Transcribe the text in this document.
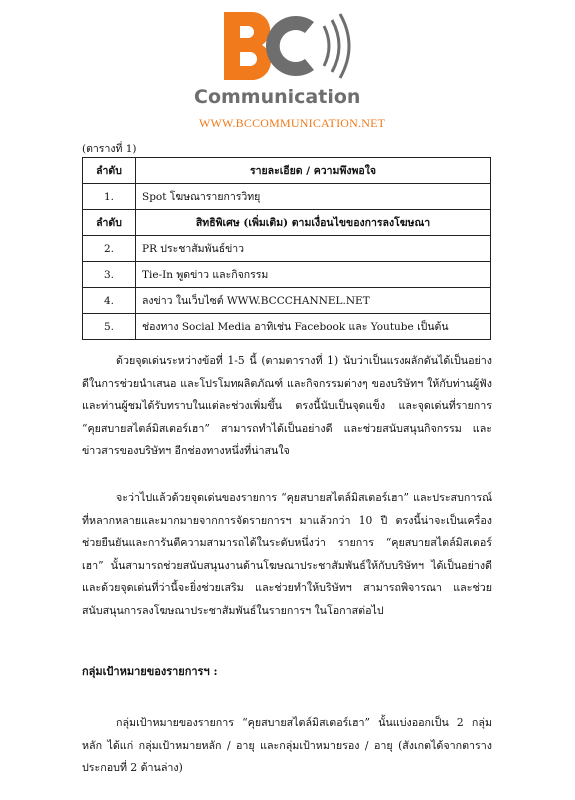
Communication
WWW.BCCOMMUNICATION.NET
(ตารางที่ 1)
ลำดับ	รายละเอียด / ความพึงพอใจ
1.	Spot โฆษณารายการวิทยุ
ลำดับ	สิทธิพิเศษ (เพิ่มเติม) ตามเงื่อนไขของการลงโฆษณา
2.	PR ประชาสัมพันธ์ข่าว
3.	Tie-In พูดข่าว และกิจกรรม
4.	ลงข่าว ในเว็บไซต์ WWW.BCCCHANNEL.NET
5.	ช่องทาง Social Media อาทิเช่น Facebook และ Youtube เป็นต้น
ด้วยจุดเด่นระหว่างข้อที่ 1-5 นี้ (ตามตารางที่ 1) นับว่าเป็นแรงผลักดันได้เป็นอย่างดีในการช่วยนำเสนอ และโปรโมทผลิตภัณฑ์ และกิจกรรมต่างๆ ของบริษัทฯ ให้กับท่านผู้ฟัง และท่านผู้ชมได้รับทราบในแต่ละช่วงเพิ่มขึ้น ตรงนี้นับเป็นจุดแข็ง และจุดเด่นที่รายการ “คุยสบายสไตล์มิสเตอร์เฮา” สามารถทำได้เป็นอย่างดี และช่วยสนับสนุนกิจกรรม และข่าวสารของบริษัทฯ อีกช่องทางหนึ่งที่น่าสนใจ
จะว่าไปแล้วด้วยจุดเด่นของรายการ “คุยสบายสไตล์มิสเตอร์เฮา” และประสบการณ์ที่หลากหลายและมากมายจากการจัดรายการฯ มาแล้วกว่า 10 ปี ตรงนี้น่าจะเป็นเครื่องช่วยยืนยันและการันตีความสามารถได้ในระดับหนึ่งว่า รายการ “คุยสบายสไตล์มิสเตอร์เฮา” นั้นสามารถช่วยสนับสนุนงานด้านโฆษณาประชาสัมพันธ์ให้กับบริษัทฯ ได้เป็นอย่างดี และด้วยจุดเด่นที่ว่านี้จะยิ่งช่วยเสริม และช่วยทำให้บริษัทฯ สามารถพิจารณา และช่วยสนับสนุนการลงโฆษณาประชาสัมพันธ์ในรายการฯ ในโอกาสต่อไป
กลุ่มเป้าหมายของรายการฯ :
กลุ่มเป้าหมายของรายการ “คุยสบายสไตล์มิสเตอร์เฮา” นั้นแบ่งออกเป็น 2 กลุ่มหลัก ได้แก่ กลุ่มเป้าหมายหลัก / อายุ และกลุ่มเป้าหมายรอง / อายุ (สังเกตได้จากตารางประกอบที่ 2 ด้านล่าง)
